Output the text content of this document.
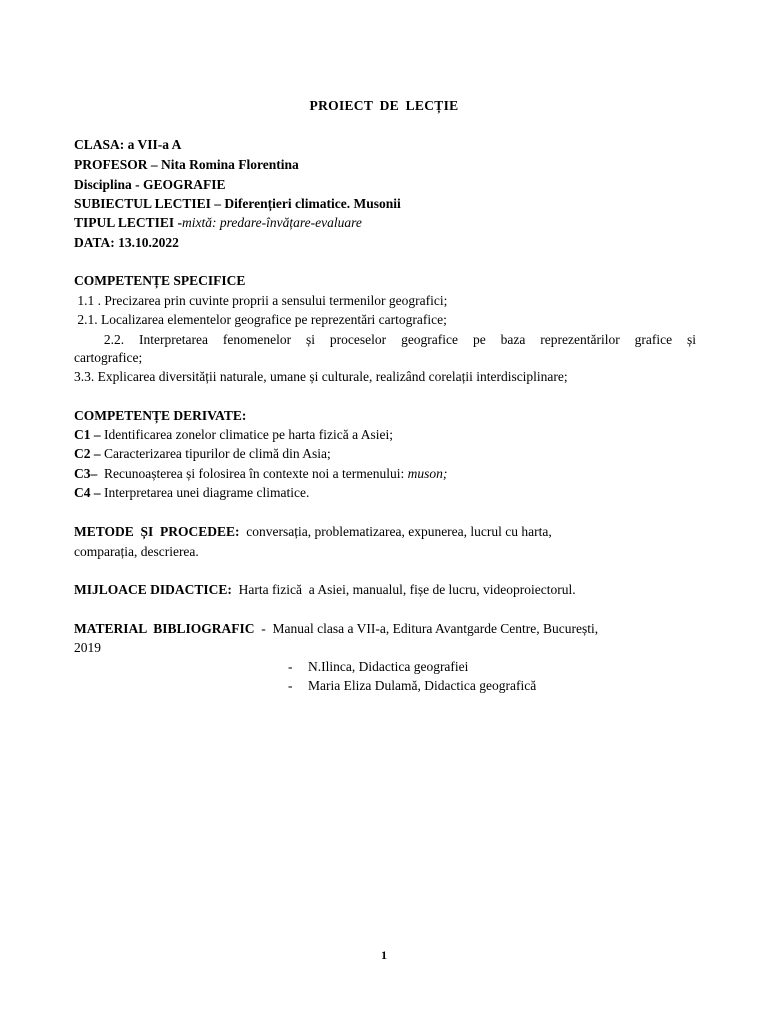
PROIECT DE LECȚIE
CLASA: a VII-a A
PROFESOR – Nita Romina Florentina
Disciplina - GEOGRAFIE
SUBIECTUL LECTIEI – Diferențieri climatice. Musonii
TIPUL LECTIEI -mixtă: predare-învățare-evaluare
DATA: 13.10.2022
COMPETENȚE SPECIFICE
1.1 . Precizarea prin cuvinte proprii a sensului termenilor geografici;
2.1. Localizarea elementelor geografice pe reprezentări cartografice;
2.2. Interpretarea fenomenelor și proceselor geografice pe baza reprezentărilor grafice și
cartografice;
3.3. Explicarea diversității naturale, umane și culturale, realizând corelații interdisciplinare;
COMPETENȚE DERIVATE:
C1 – Identificarea zonelor climatice pe harta fizică a Asiei;
C2 – Caracterizarea tipurilor de climă din Asia;
C3–  Recunoașterea și folosirea în contexte noi a termenului: muson;
C4 – Interpretarea unei diagrame climatice.
METODE  ȘI  PROCEDEE:  conversația, problematizarea, expunerea, lucrul cu harta,
comparația, descrierea.
MIJLOACE DIDACTICE:  Harta fizică  a Asiei, manualul, fișe de lucru, videoproiectorul.
MATERIAL  BIBLIOGRAFIC  -  Manual clasa a VII-a, Editura Avantgarde Centre, București,
2019
- N.Ilinca, Didactica geografiei
- Maria Eliza Dulamă, Didactica geografică
1
